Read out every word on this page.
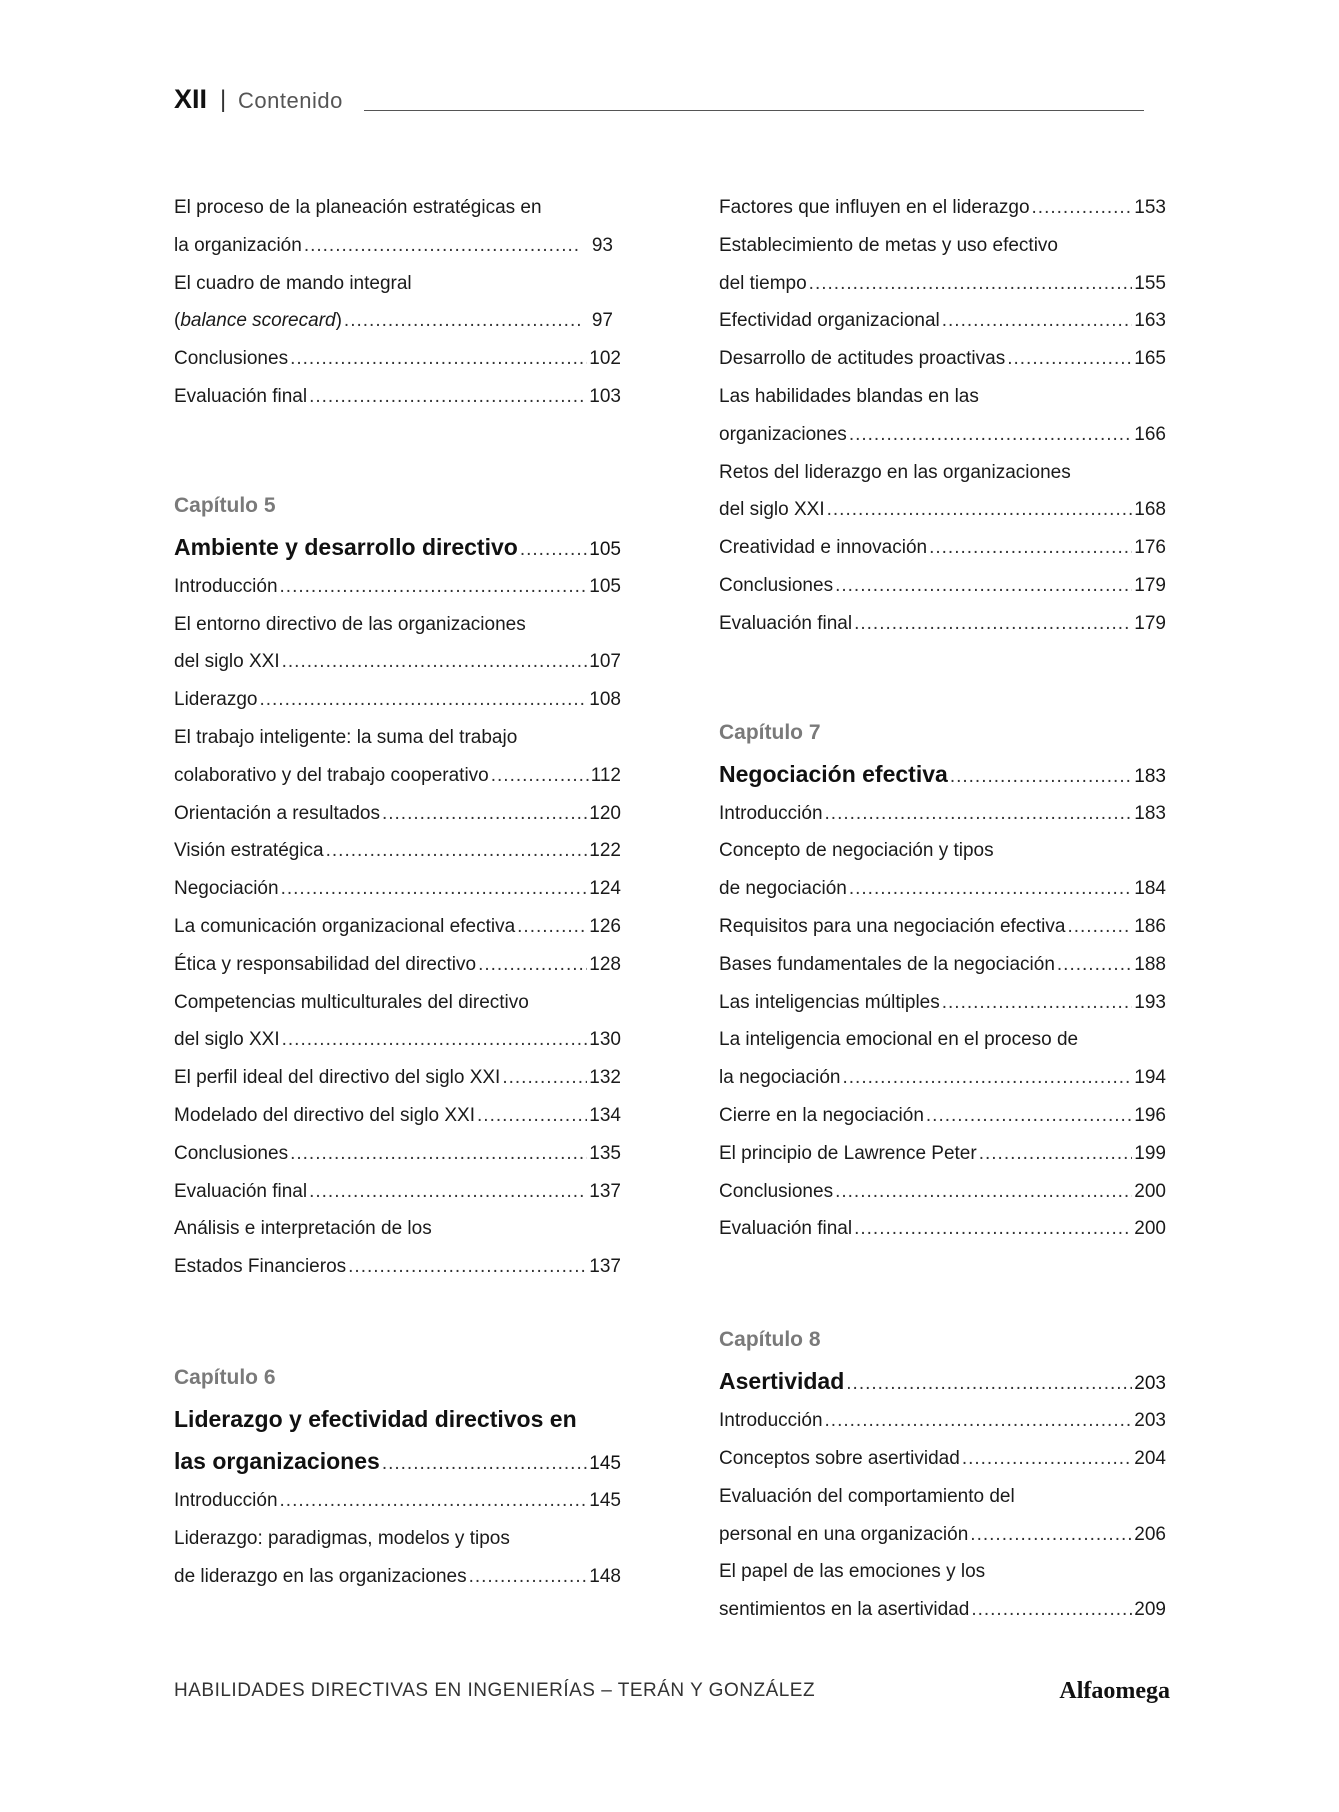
XII | Contenido
El proceso de la planeación estratégicas en
la organización .....	93
El cuadro de mando integral
(balance scorecard) .....	97
Conclusiones .....	102
Evaluación final .....	103
Capítulo 5
Ambiente y desarrollo directivo .....	105
Introducción .....	105
El entorno directivo de las organizaciones
del siglo XXI .....	107
Liderazgo .....	108
El trabajo inteligente: la suma del trabajo
colaborativo y del trabajo cooperativo .....	112
Orientación a resultados .....	120
Visión estratégica .....	122
Negociación .....	124
La comunicación organizacional efectiva .....	126
Ética y responsabilidad del directivo .....	128
Competencias multiculturales del directivo
del siglo XXI .....	130
El perfil ideal del directivo del siglo XXI .....	132
Modelado del directivo del siglo XXI .....	134
Conclusiones .....	135
Evaluación final .....	137
Análisis e interpretación de los
Estados Financieros .....	137
Capítulo 6
Liderazgo y efectividad directivos en
las organizaciones .....	145
Introducción .....	145
Liderazgo: paradigmas, modelos y tipos
de liderazgo en las organizaciones .....	148
Factores que influyen en el liderazgo .....	153
Establecimiento de metas y uso efectivo
del tiempo .....	155
Efectividad organizacional .....	163
Desarrollo de actitudes proactivas .....	165
Las habilidades blandas en las
organizaciones .....	166
Retos del liderazgo en las organizaciones
del siglo XXI .....	168
Creatividad e innovación .....	176
Conclusiones .....	179
Evaluación final .....	179
Capítulo 7
Negociación efectiva .....	183
Introducción .....	183
Concepto de negociación y tipos
de negociación .....	184
Requisitos para una negociación efectiva .....	186
Bases fundamentales de la negociación .....	188
Las inteligencias múltiples .....	193
La inteligencia emocional en el proceso de
la negociación .....	194
Cierre en la negociación .....	196
El principio de Lawrence Peter .....	199
Conclusiones .....	200
Evaluación final .....	200
Capítulo 8
Asertividad .....	203
Introducción .....	203
Conceptos sobre asertividad .....	204
Evaluación del comportamiento del
personal en una organización .....	206
El papel de las emociones y los
sentimientos en la asertividad .....	209
HABILIDADES DIRECTIVAS EN INGENIERÍAS – TERÁN Y GONZÁLEZ	Alfaomega
